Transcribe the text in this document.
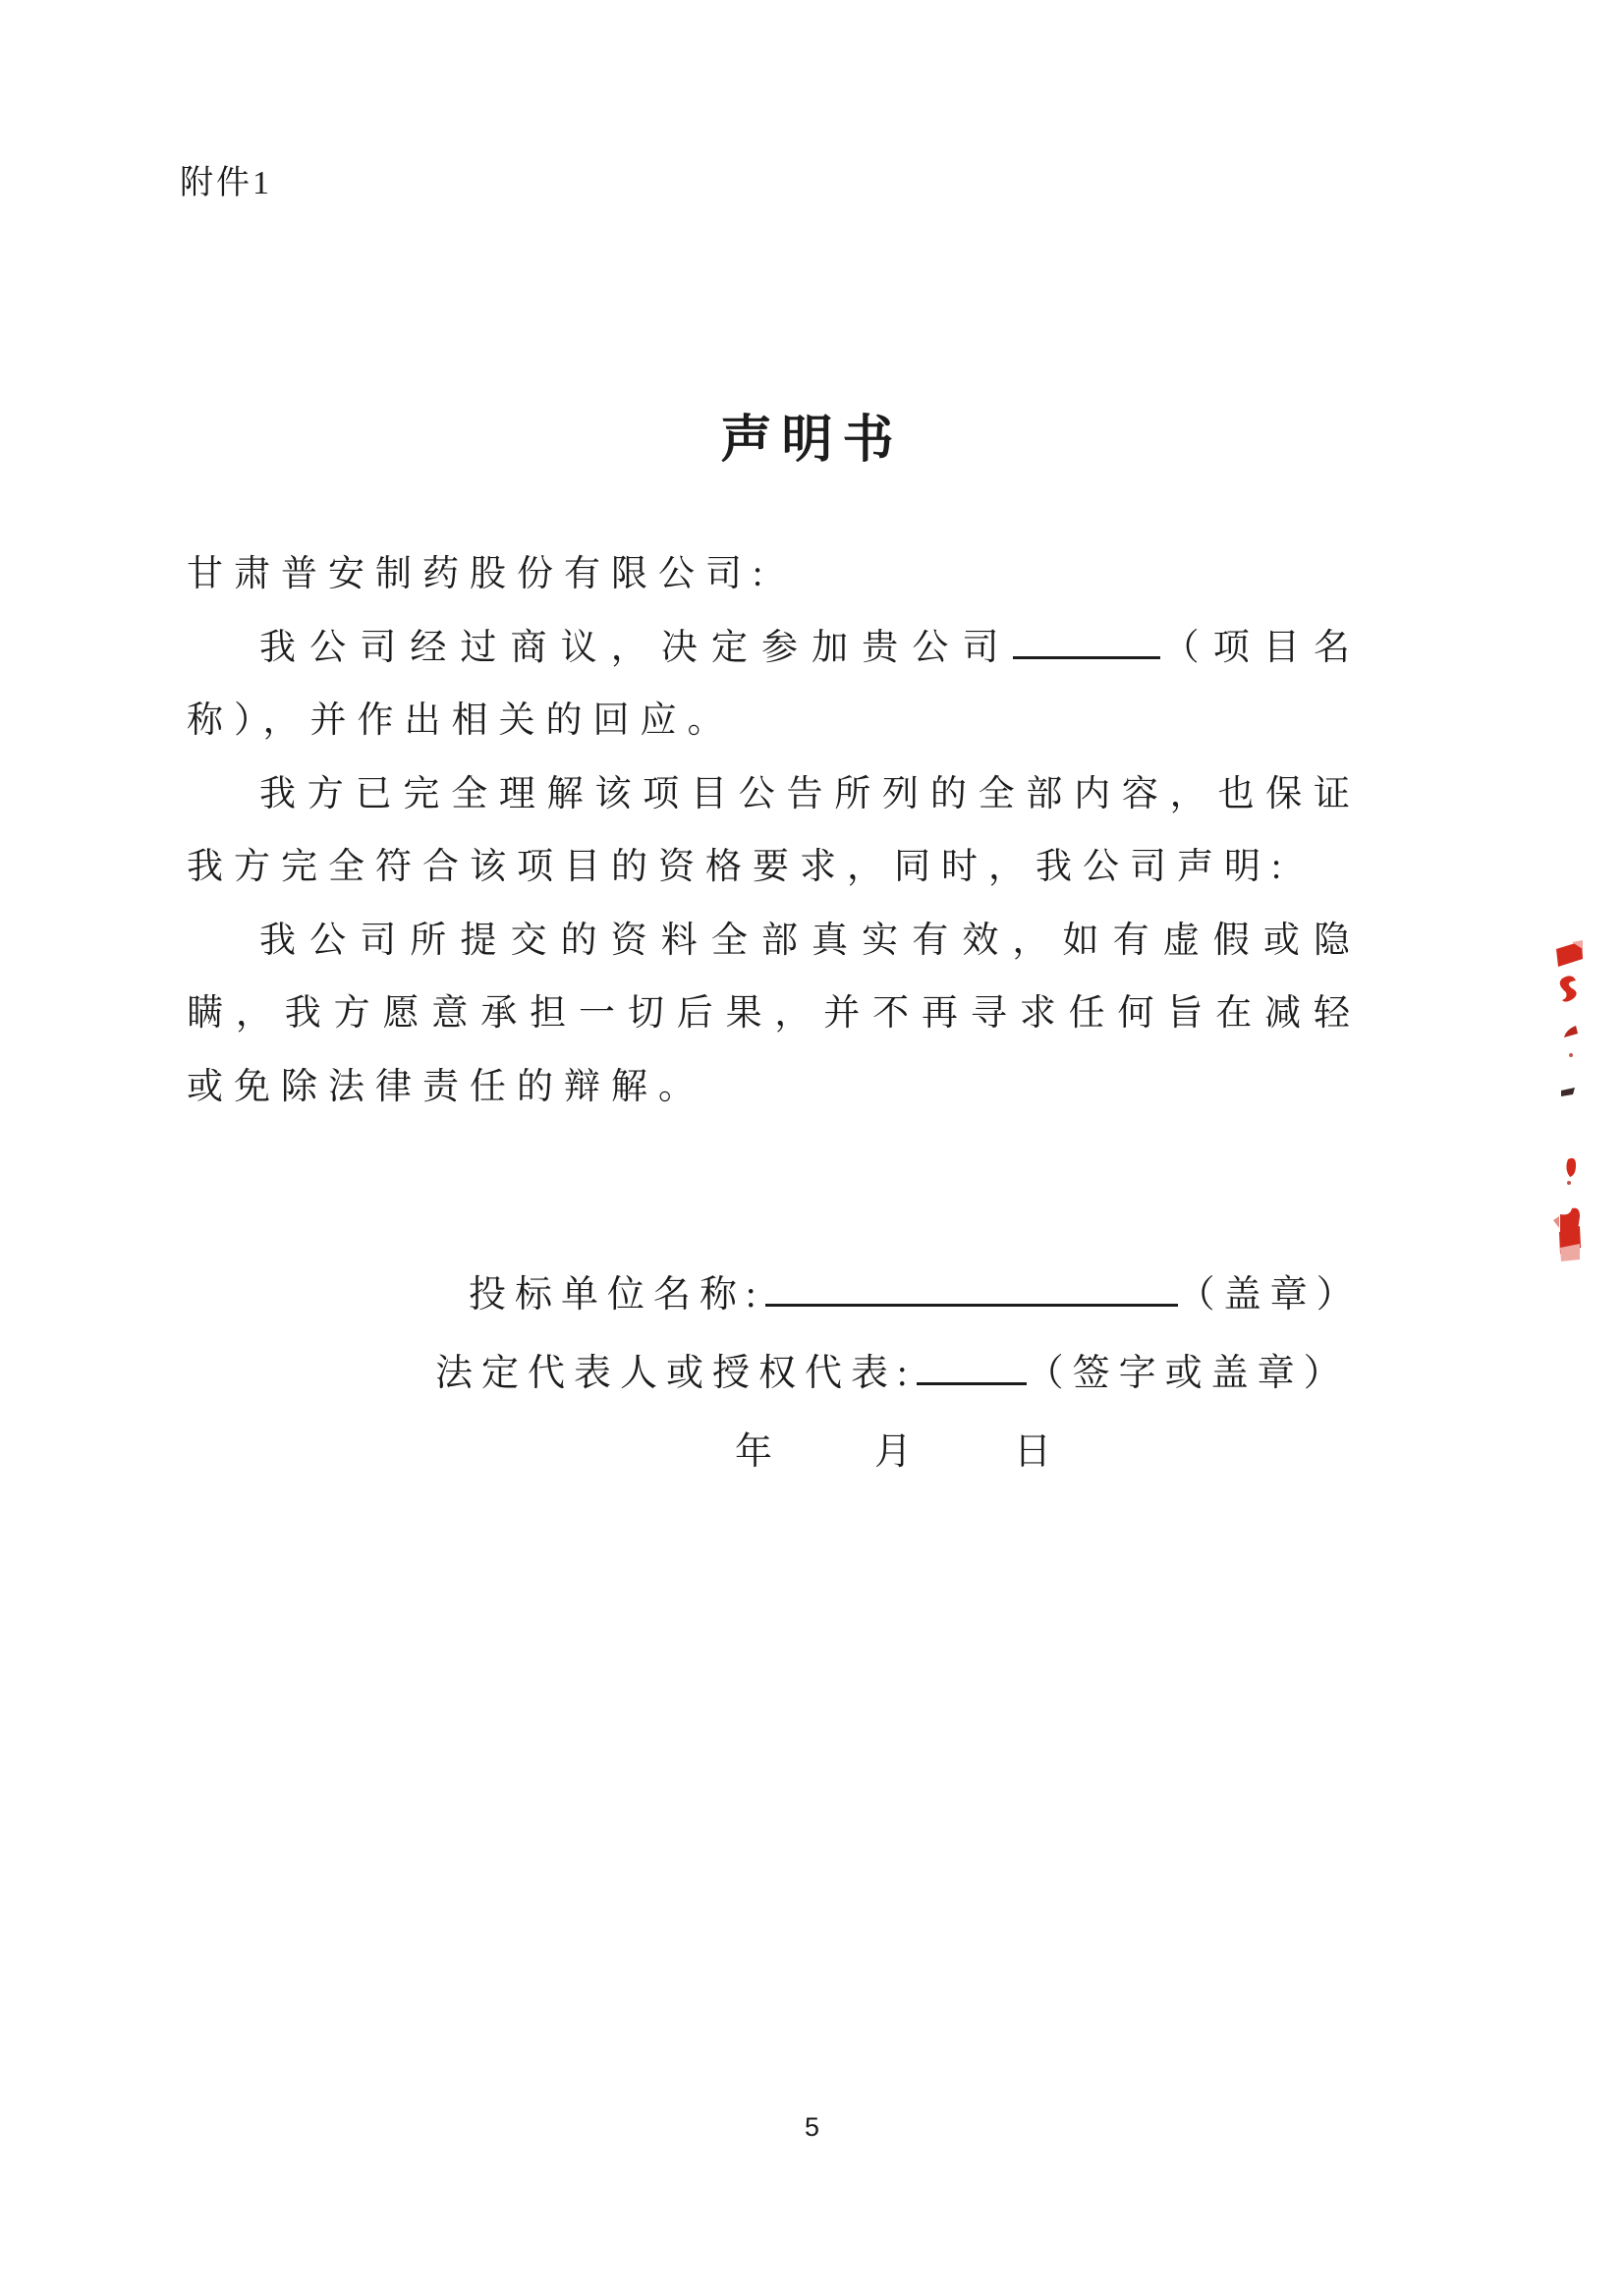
附件1
声明书

甘肃普安制药股份有限公司:

我公司经过商议，决定参加贵公司	（项目名称），并作出相关的回应。

我方已完全理解该项目公告所列的全部内容，也保证我方完全符合该项目的资格要求，同时，我公司声明:

我公司所提交的资料全部真实有效，如有虚假或隐瞒，我方愿意承担一切后果，并不再寻求任何旨在减轻或免除法律责任的辩解。

投标单位名称:	（盖章）

法定代表人或授权代表:	（签字或盖章）

年	月	日

5
